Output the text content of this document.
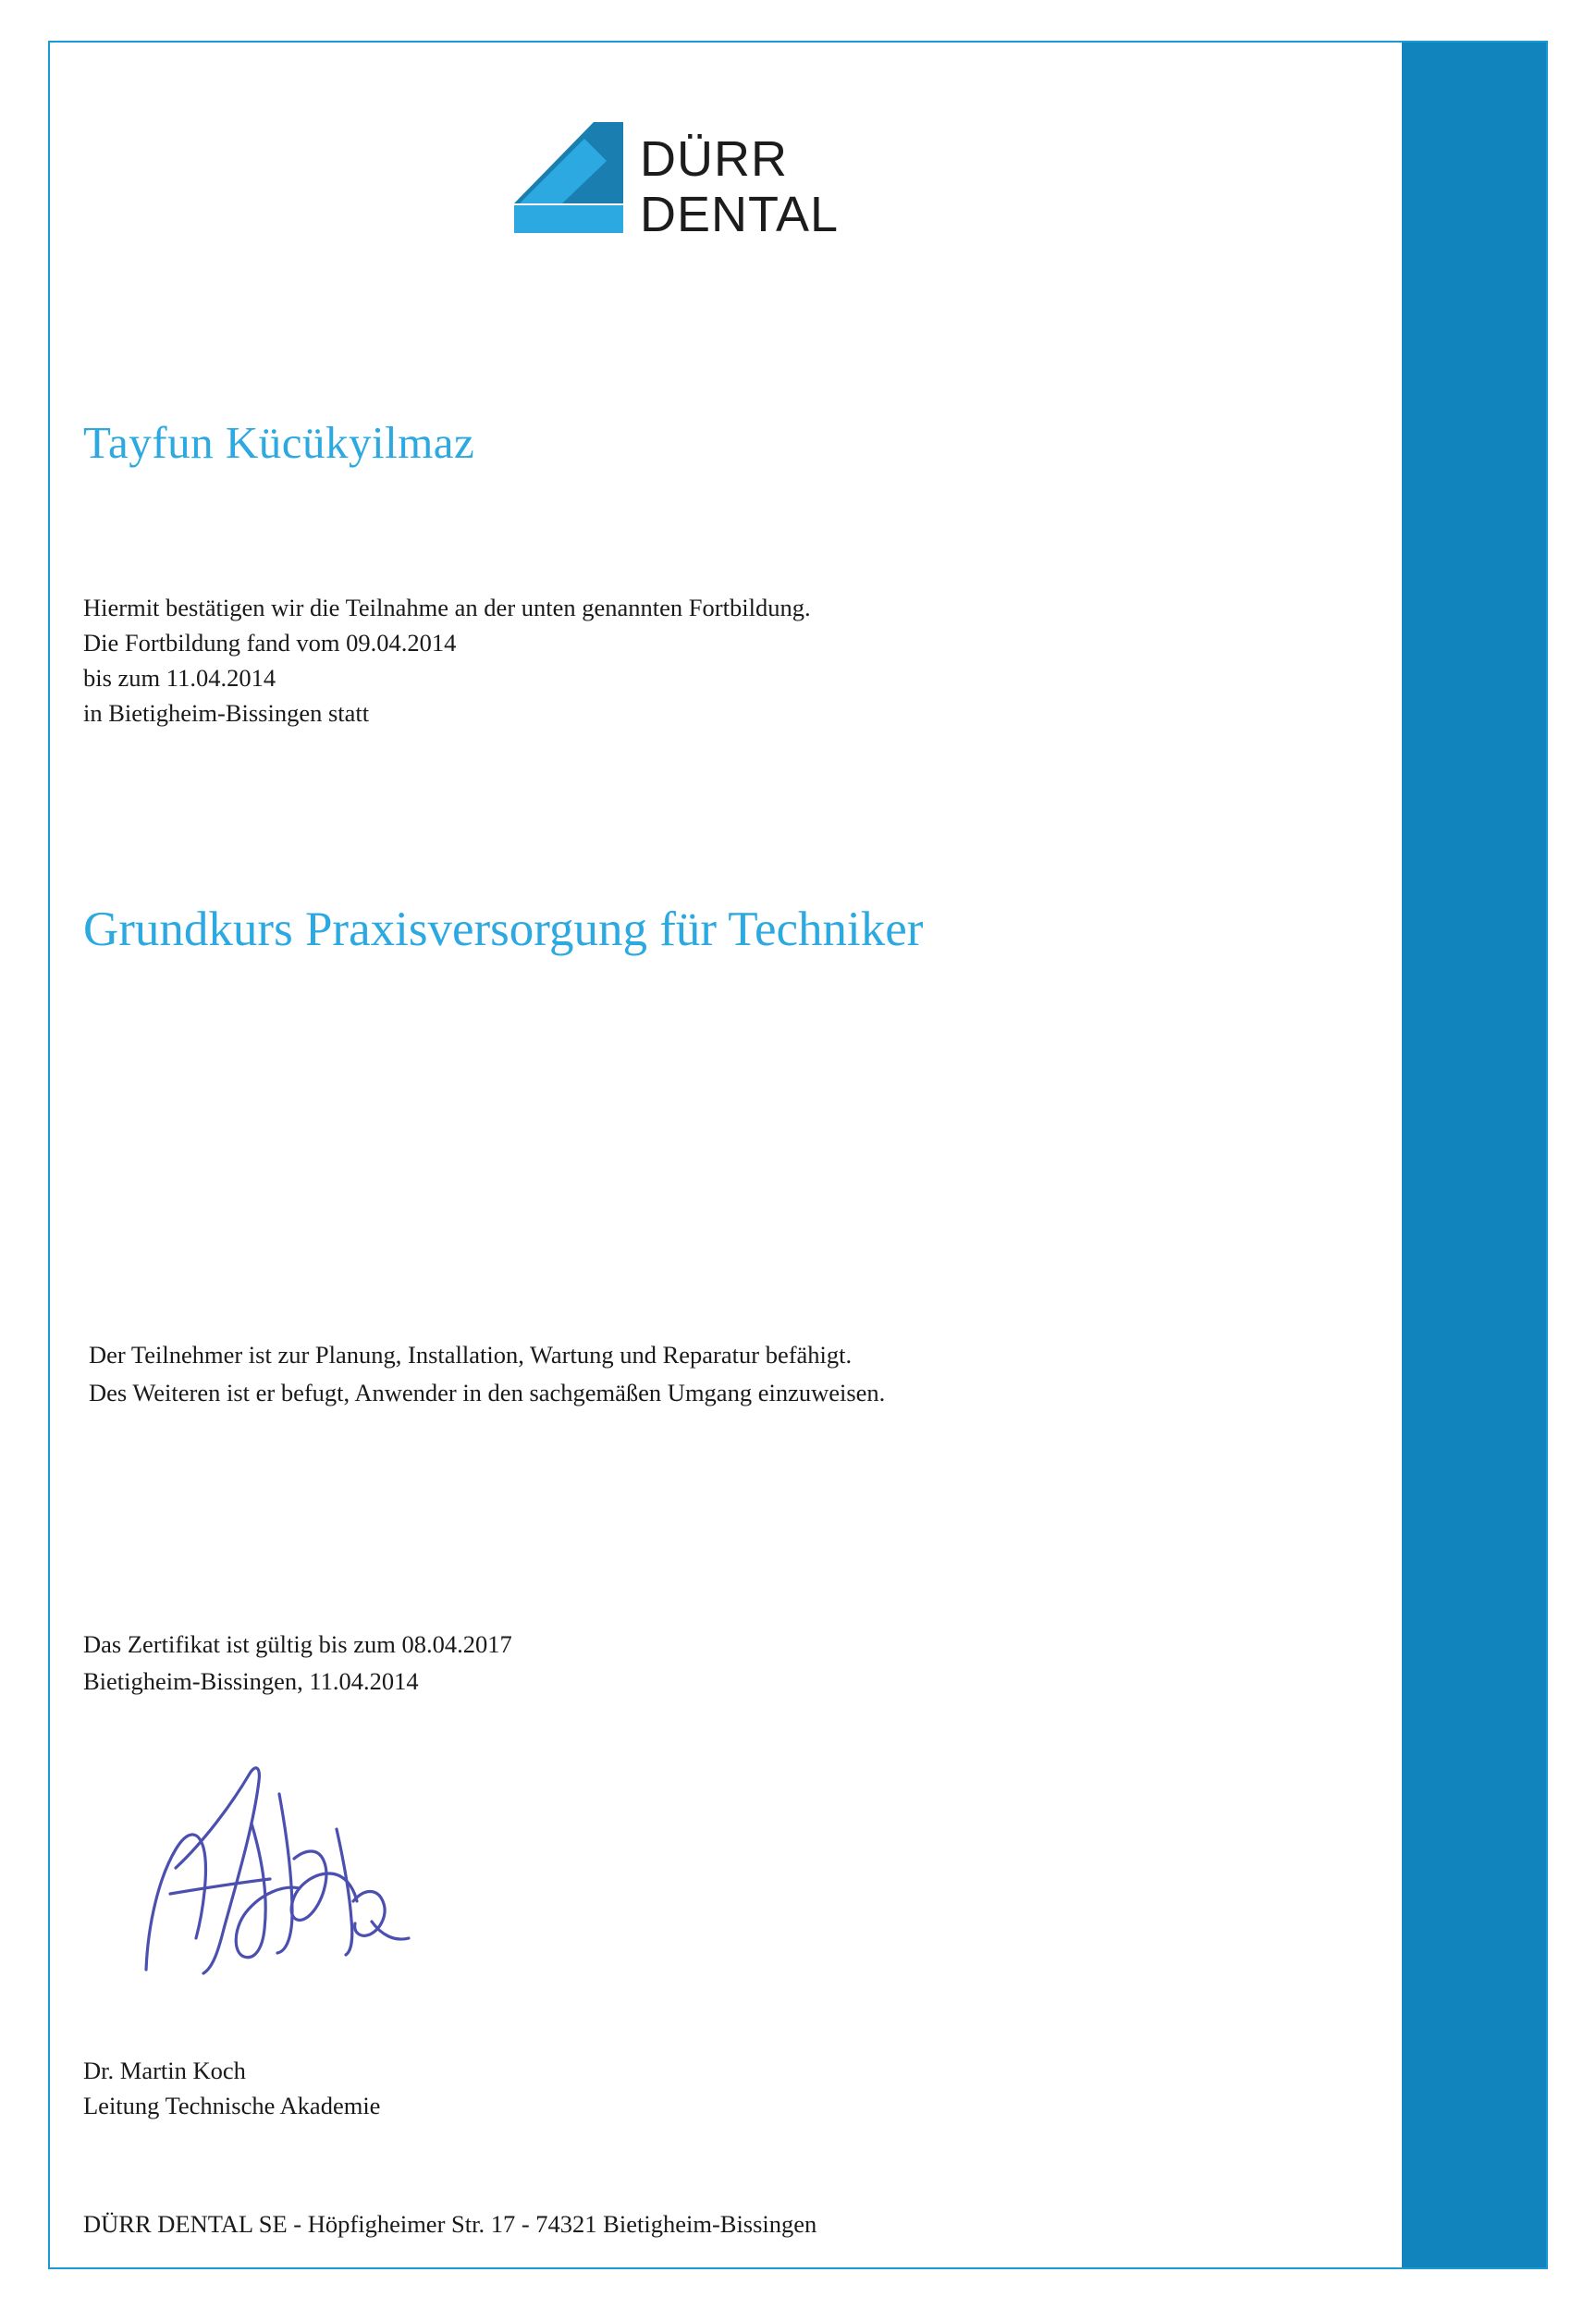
DÜRR
DENTAL
Tayfun Kücükyilmaz
Hiermit bestätigen wir die Teilnahme an der unten genannten Fortbildung.
Die Fortbildung fand vom 09.04.2014
bis zum 11.04.2014
in Bietigheim-Bissingen statt
Grundkurs Praxisversorgung für Techniker
Der Teilnehmer ist zur Planung, Installation, Wartung und Reparatur befähigt.
Des Weiteren ist er befugt, Anwender in den sachgemäßen Umgang einzuweisen.
Das Zertifikat ist gültig bis zum 08.04.2017
Bietigheim-Bissingen, 11.04.2014
Dr. Martin Koch
Leitung Technische Akademie
DÜRR DENTAL SE - Höpfigheimer Str. 17 - 74321 Bietigheim-Bissingen
